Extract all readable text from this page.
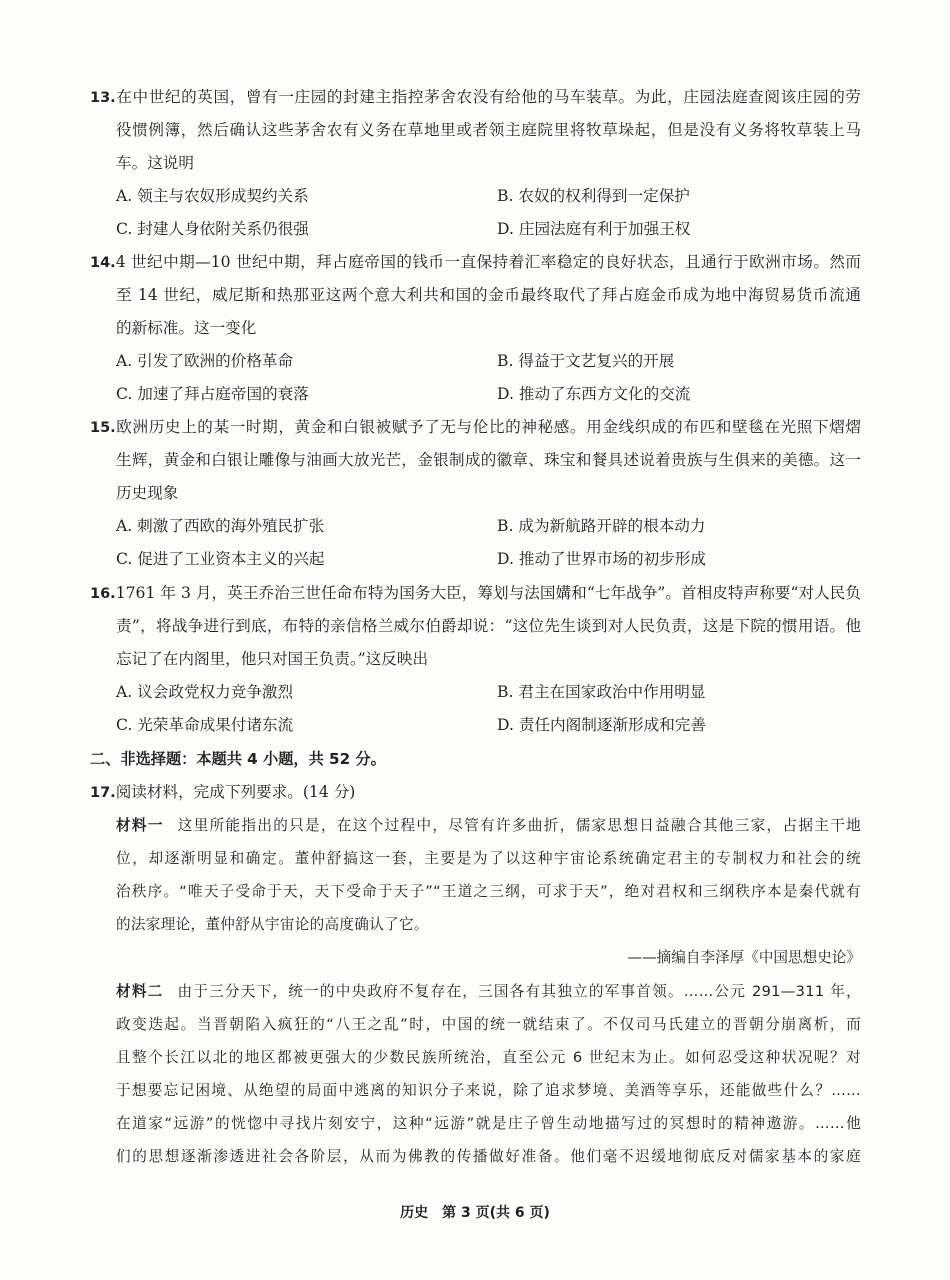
13.在中世纪的英国，曾有一庄园的封建主指控茅舍农没有给他的马车装草。为此，庄园法庭查阅该庄园的劳
役惯例簿，然后确认这些茅舍农有义务在草地里或者领主庭院里将牧草垛起，但是没有义务将牧草装上马
车。这说明
A. 领主与农奴形成契约关系	B. 农奴的权利得到一定保护
C. 封建人身依附关系仍很强	D. 庄园法庭有利于加强王权
14.4 世纪中期—10 世纪中期，拜占庭帝国的钱币一直保持着汇率稳定的良好状态，且通行于欧洲市场。然而
至 14 世纪，威尼斯和热那亚这两个意大利共和国的金币最终取代了拜占庭金币成为地中海贸易货币流通
的新标准。这一变化
A. 引发了欧洲的价格革命	B. 得益于文艺复兴的开展
C. 加速了拜占庭帝国的衰落	D. 推动了东西方文化的交流
15.欧洲历史上的某一时期，黄金和白银被赋予了无与伦比的神秘感。用金线织成的布匹和壁毯在光照下熠熠
生辉，黄金和白银让雕像与油画大放光芒，金银制成的徽章、珠宝和餐具述说着贵族与生俱来的美德。这一
历史现象
A. 刺激了西欧的海外殖民扩张	B. 成为新航路开辟的根本动力
C. 促进了工业资本主义的兴起	D. 推动了世界市场的初步形成
16.1761 年 3 月，英王乔治三世任命布特为国务大臣，筹划与法国媾和“七年战争”。首相皮特声称要“对人民负
责”，将战争进行到底，布特的亲信格兰威尔伯爵却说：“这位先生谈到对人民负责，这是下院的惯用语。他
忘记了在内阁里，他只对国王负责。”这反映出
A. 议会政党权力竞争激烈	B. 君主在国家政治中作用明显
C. 光荣革命成果付诸东流	D. 责任内阁制逐渐形成和完善
二、非选择题：本题共 4 小题，共 52 分。
17.阅读材料，完成下列要求。(14 分)
材料一 这里所能指出的只是，在这个过程中，尽管有许多曲折，儒家思想日益融合其他三家，占据主干地
位，却逐渐明显和确定。董仲舒搞这一套，主要是为了以这种宇宙论系统确定君主的专制权力和社会的统
治秩序。“唯天子受命于天，天下受命于天子”“王道之三纲，可求于天”，绝对君权和三纲秩序本是秦代就有
的法家理论，董仲舒从宇宙论的高度确认了它。
——摘编自李泽厚《中国思想史论》
材料二 由于三分天下，统一的中央政府不复存在，三国各有其独立的军事首领。……公元 291—311 年，
政变迭起。当晋朝陷入疯狂的“八王之乱”时，中国的统一就结束了。不仅司马氏建立的晋朝分崩离析，而
且整个长江以北的地区都被更强大的少数民族所统治，直至公元 6 世纪末为止。如何忍受这种状况呢？对
于想要忘记困境、从绝望的局面中逃离的知识分子来说，除了追求梦境、美酒等享乐，还能做些什么？……
在道家“远游”的恍惚中寻找片刻安宁，这种“远游”就是庄子曾生动地描写过的冥想时的精神遨游。……他
们的思想逐渐渗透进社会各阶层，从而为佛教的传播做好准备。他们毫不迟缓地彻底反对儒家基本的家庭
历史 第 3 页(共 6 页)
